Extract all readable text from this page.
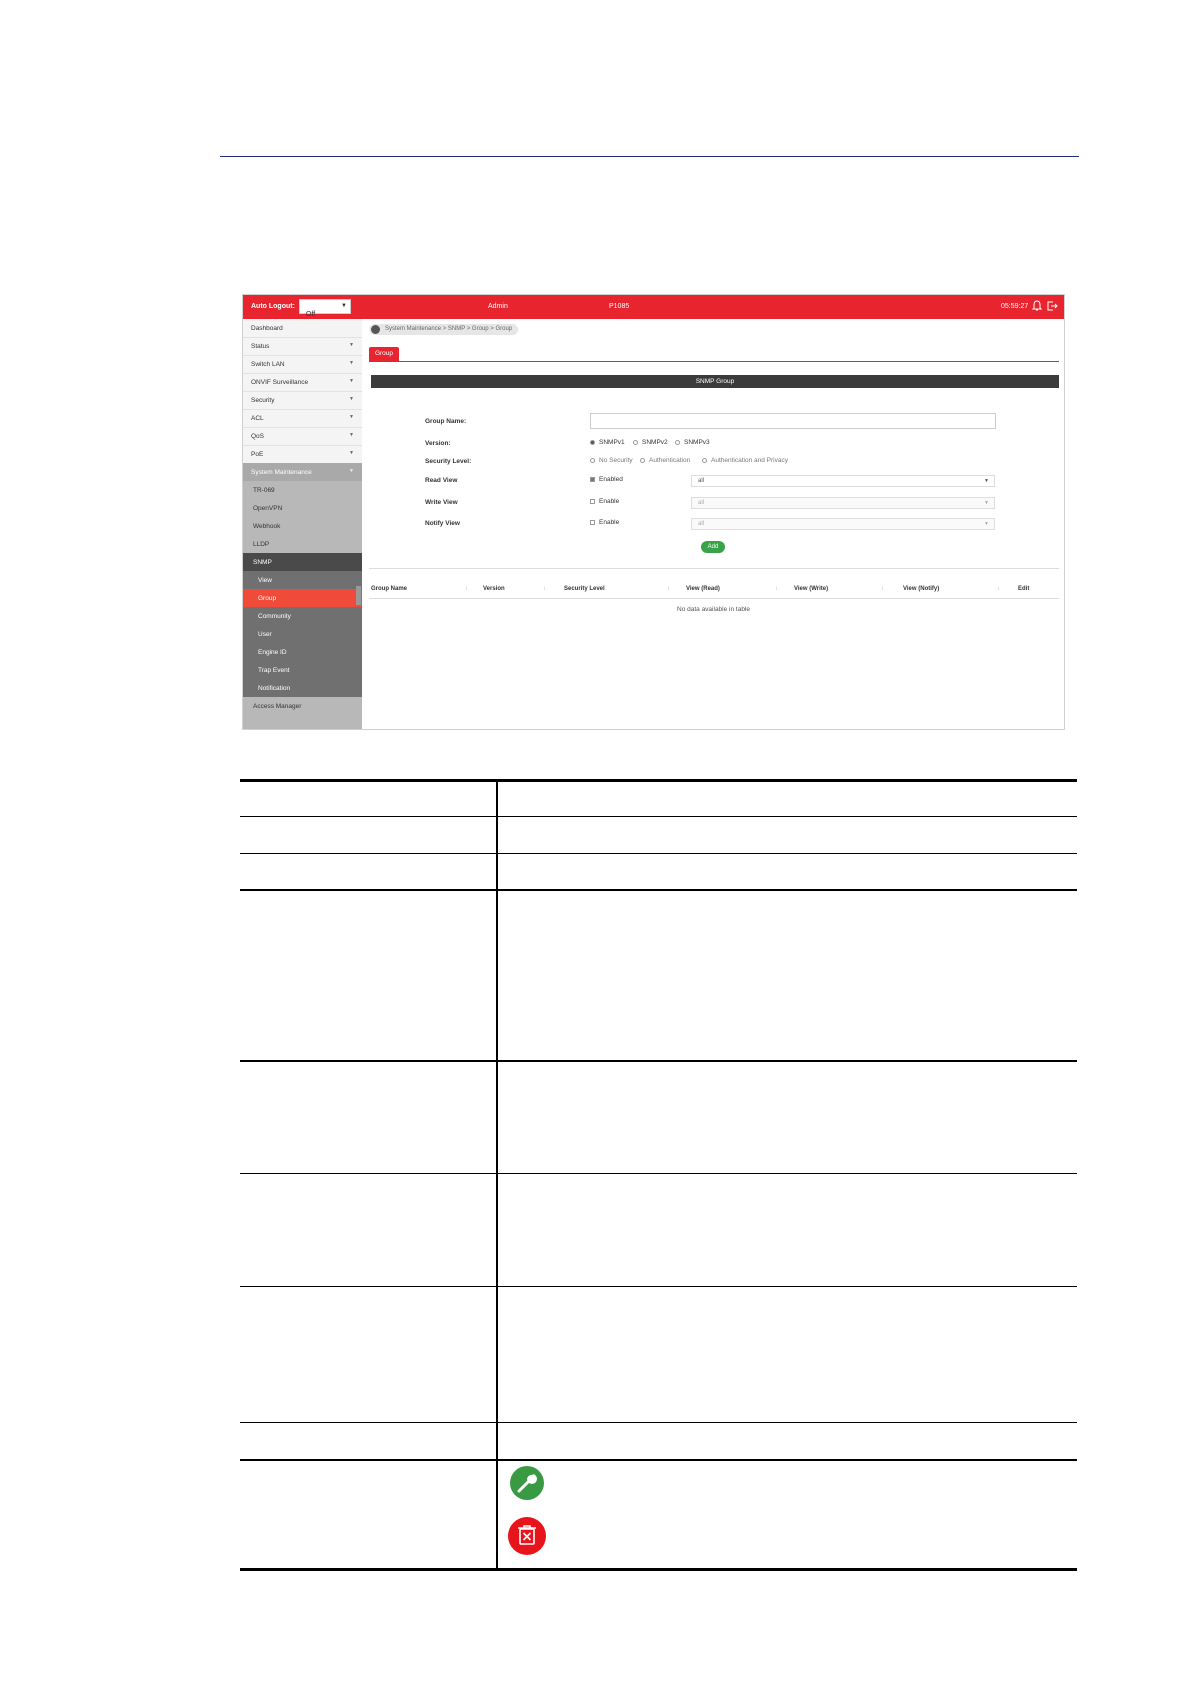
Auto Logout:
Off
▼	Admin	P1085	05:59:27
Dashboard
Status	▼
Switch LAN	▼
ONVIF Surveillance	▼
Security	▼
ACL	▼
QoS	▼
PoE	▼
System Maintenance	▼
TR-069
OpenVPN
Webhook
LLDP
SNMP
View
Group
Community
User
Engine ID
Trap Event
Notification
Access Manager
System Maintenance > SNMP > Group > Group
Group
SNMP Group
Group Name:
Version:	SNMPv1	SNMPv2	SNMPv3
Security Level:	No Security	Authentication	Authentication and Privacy
Read View	Enabled	all	▼
Write View	Enable	all	▼
Notify View	Enable	all	▼
Add
Group Name	↕	Version	↕	Security Level	↕	View (Read)	↕	View (Write)	↕	View (Notify)	↕	Edit
No data available in table
